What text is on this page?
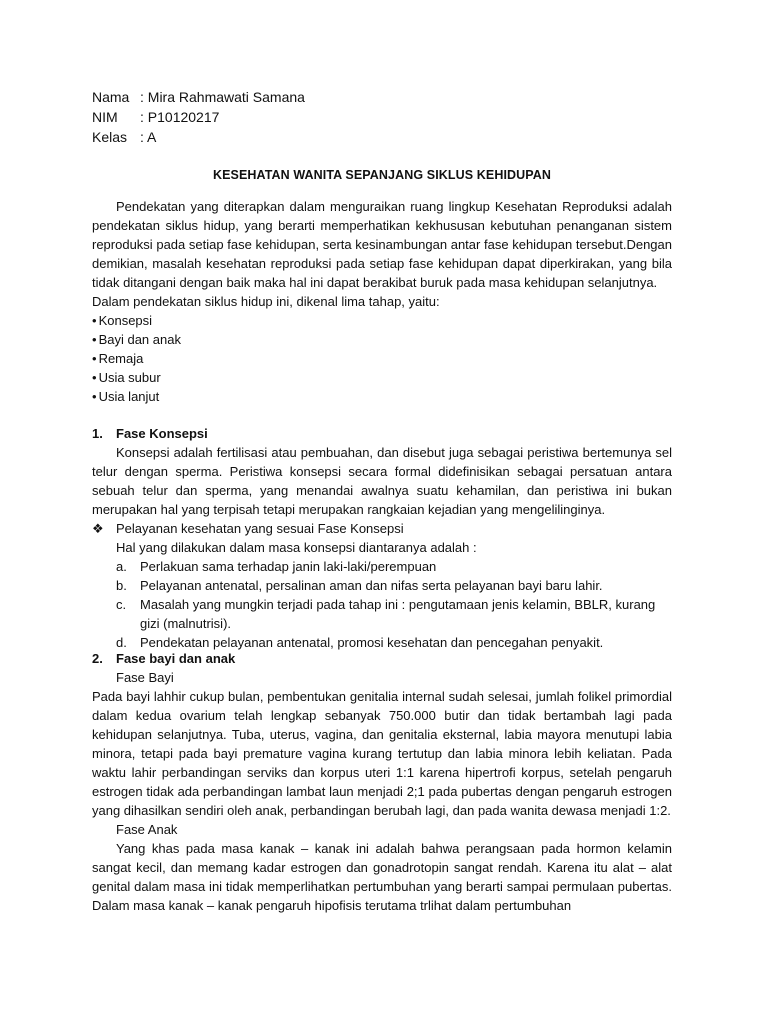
Nama : Mira Rahmawati Samana
NIM	: P10120217
Kelas : A
KESEHATAN WANITA SEPANJANG SIKLUS KEHIDUPAN

Pendekatan yang diterapkan dalam menguraikan ruang lingkup Kesehatan Reproduksi adalah pendekatan siklus hidup, yang berarti memperhatikan kekhususan kebutuhan penanganan sistem reproduksi pada setiap fase kehidupan, serta kesinambungan antar fase kehidupan tersebut.Dengan demikian, masalah kesehatan reproduksi pada setiap fase kehidupan dapat diperkirakan, yang bila tidak ditangani dengan baik maka hal ini dapat berakibat buruk pada masa kehidupan selanjutnya.

Dalam pendekatan siklus hidup ini, dikenal lima tahap, yaitu:

• Konsepsi
• Bayi dan anak
• Remaja
• Usia subur
• Usia lanjut
1.	Fase Konsepsi

Konsepsi adalah fertilisasi atau pembuahan, dan disebut juga sebagai peristiwa bertemunya sel telur dengan sperma. Peristiwa konsepsi secara formal didefinisikan sebagai persatuan antara sebuah telur dan sperma, yang menandai awalnya suatu kehamilan, dan peristiwa ini bukan merupakan hal yang terpisah tetapi merupakan rangkaian kejadian yang mengelilinginya.

❖ Pelayanan kesehatan yang sesuai Fase Konsepsi
Hal yang dilakukan dalam masa konsepsi diantaranya adalah :
a.	Perlakuan sama terhadap janin laki-laki/perempuan
b.	Pelayanan antenatal, persalinan aman dan nifas serta pelayanan bayi baru lahir.
c.	Masalah yang mungkin terjadi pada tahap ini : pengutamaan jenis kelamin, BBLR, kurang gizi (malnutrisi).
d.	Pendekatan pelayanan antenatal, promosi kesehatan dan pencegahan penyakit.
2.	Fase bayi dan anak
Fase Bayi

Pada bayi lahhir cukup bulan, pembentukan genitalia internal sudah selesai, jumlah folikel primordial dalam kedua ovarium telah lengkap sebanyak 750.000 butir dan tidak bertambah lagi pada kehidupan selanjutnya. Tuba, uterus, vagina, dan genitalia eksternal, labia mayora menutupi labia minora, tetapi pada bayi premature vagina kurang tertutup dan labia minora lebih keliatan. Pada waktu lahir perbandingan serviks dan korpus uteri 1:1 karena hipertrofi korpus, setelah pengaruh estrogen tidak ada perbandingan lambat laun menjadi 2;1 pada pubertas dengan pengaruh estrogen yang dihasilkan sendiri oleh anak, perbandingan berubah lagi, dan pada wanita dewasa menjadi 1:2.

Fase Anak

Yang khas pada masa kanak – kanak ini adalah bahwa perangsaan pada hormon kelamin sangat kecil, dan memang kadar estrogen dan gonadrotopin sangat rendah. Karena itu alat – alat genital dalam masa ini tidak memperlihatkan pertumbuhan yang berarti sampai permulaan pubertas. Dalam masa kanak – kanak pengaruh hipofisis terutama trlihat dalam pertumbuhan
